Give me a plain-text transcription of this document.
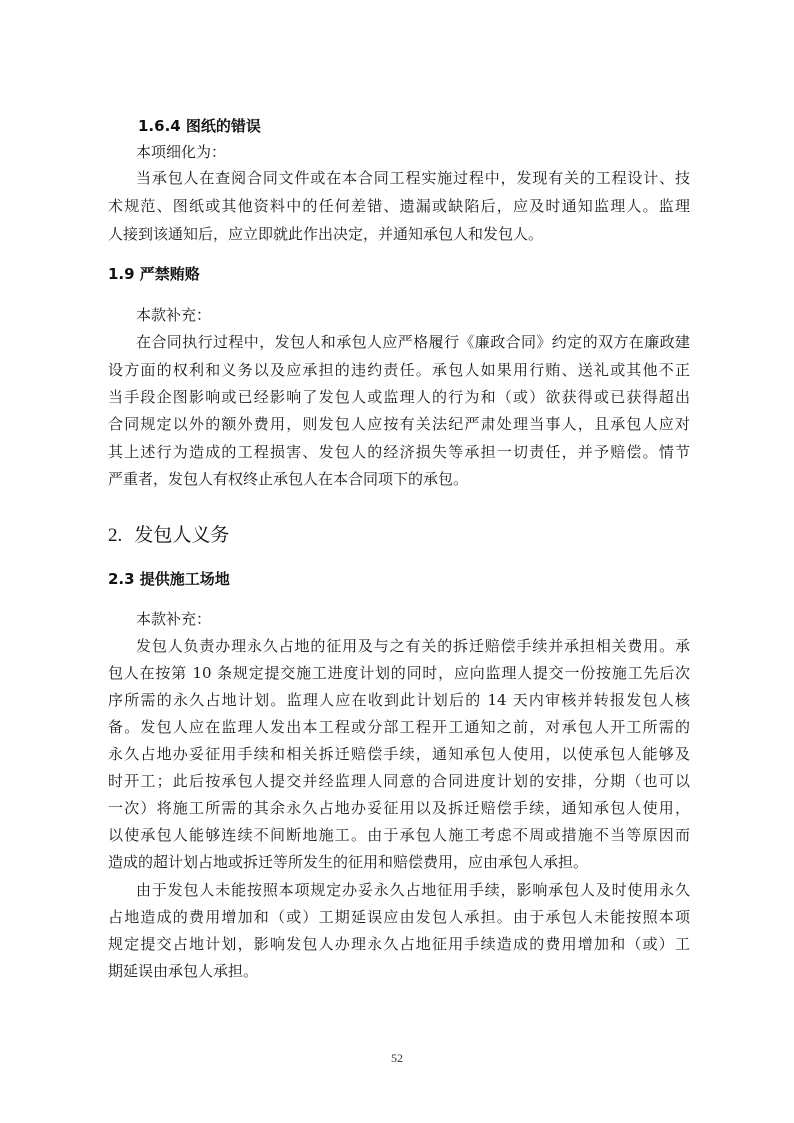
1.6.4 图纸的错误

本项细化为：

当承包人在查阅合同文件或在本合同工程实施过程中，发现有关的工程设计、技

术规范、图纸或其他资料中的任何差错、遗漏或缺陷后，应及时通知监理人。监理

人接到该通知后，应立即就此作出决定，并通知承包人和发包人。

1.9 严禁贿赂

本款补充：

在合同执行过程中，发包人和承包人应严格履行《廉政合同》约定的双方在廉政建

设方面的权利和义务以及应承担的违约责任。承包人如果用行贿、送礼或其他不正

当手段企图影响或已经影响了发包人或监理人的行为和（或）欲获得或已获得超出

合同规定以外的额外费用，则发包人应按有关法纪严肃处理当事人，且承包人应对

其上述行为造成的工程损害、发包人的经济损失等承担一切责任，并予赔偿。情节

严重者，发包人有权终止承包人在本合同项下的承包。

2. 发包人义务
2.3 提供施工场地

本款补充：

发包人负责办理永久占地的征用及与之有关的拆迁赔偿手续并承担相关费用。承

包人在按第 10 条规定提交施工进度计划的同时，应向监理人提交一份按施工先后次

序所需的永久占地计划。监理人应在收到此计划后的 14 天内审核并转报发包人核

备。发包人应在监理人发出本工程或分部工程开工通知之前，对承包人开工所需的

永久占地办妥征用手续和相关拆迁赔偿手续，通知承包人使用，以使承包人能够及

时开工；此后按承包人提交并经监理人同意的合同进度计划的安排，分期（也可以

一次）将施工所需的其余永久占地办妥征用以及拆迁赔偿手续，通知承包人使用，

以使承包人能够连续不间断地施工。由于承包人施工考虑不周或措施不当等原因而

造成的超计划占地或拆迁等所发生的征用和赔偿费用，应由承包人承担。

由于发包人未能按照本项规定办妥永久占地征用手续，影响承包人及时使用永久

占地造成的费用增加和（或）工期延误应由发包人承担。由于承包人未能按照本项

规定提交占地计划，影响发包人办理永久占地征用手续造成的费用增加和（或）工

期延误由承包人承担。

52
